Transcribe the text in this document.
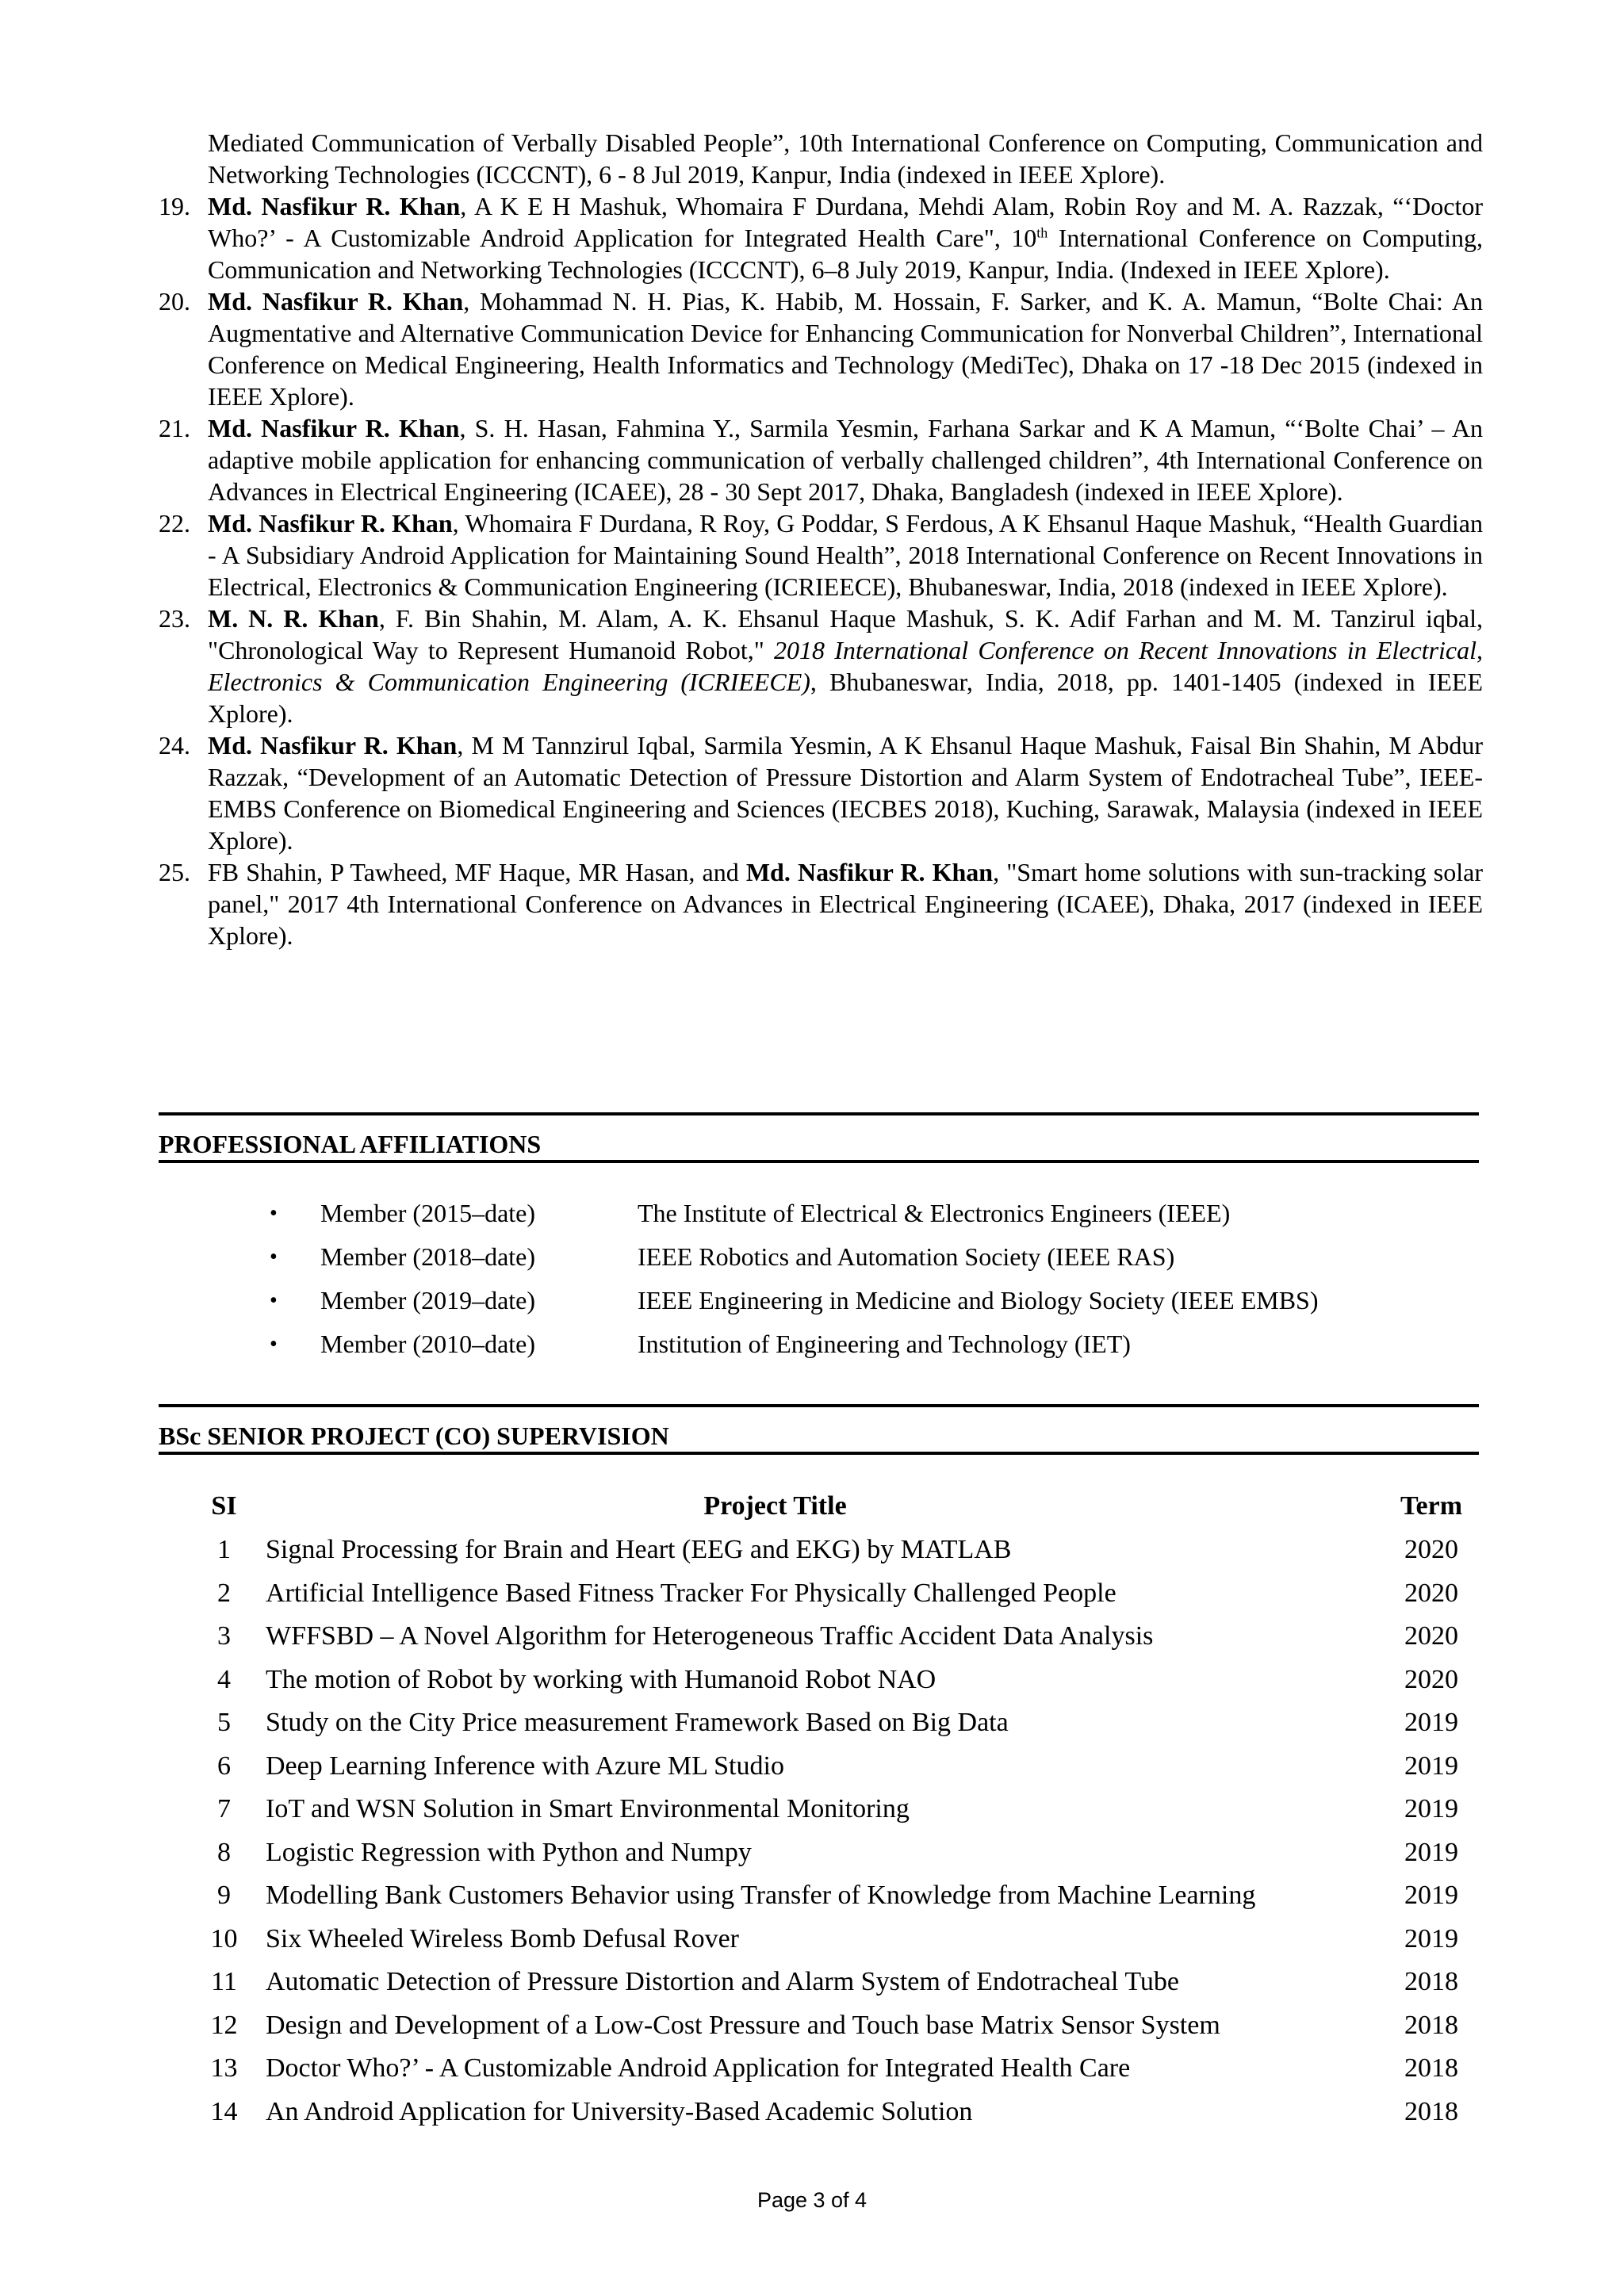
Mediated Communication of Verbally Disabled People”, 10th International Conference on Computing, Communication and Networking Technologies (ICCCNT), 6 - 8 Jul 2019, Kanpur, India (indexed in IEEE Xplore).
19. Md. Nasfikur R. Khan, A K E H Mashuk, Whomaira F Durdana, Mehdi Alam, Robin Roy and M. A. Razzak, “‘Doctor Who?’ - A Customizable Android Application for Integrated Health Care", 10th International Conference on Computing, Communication and Networking Technologies (ICCCNT), 6–8 July 2019, Kanpur, India. (Indexed in IEEE Xplore).
20. Md. Nasfikur R. Khan, Mohammad N. H. Pias, K. Habib, M. Hossain, F. Sarker, and K. A. Mamun, “Bolte Chai: An Augmentative and Alternative Communication Device for Enhancing Communication for Nonverbal Children”, International Conference on Medical Engineering, Health Informatics and Technology (MediTec), Dhaka on 17 -18 Dec 2015 (indexed in IEEE Xplore).
21. Md. Nasfikur R. Khan, S. H. Hasan, Fahmina Y., Sarmila Yesmin, Farhana Sarkar and K A Mamun, “‘Bolte Chai’ – An adaptive mobile application for enhancing communication of verbally challenged children”, 4th International Conference on Advances in Electrical Engineering (ICAEE), 28 - 30 Sept 2017, Dhaka, Bangladesh (indexed in IEEE Xplore).
22. Md. Nasfikur R. Khan, Whomaira F Durdana, R Roy, G Poddar, S Ferdous, A K Ehsanul Haque Mashuk, “Health Guardian - A Subsidiary Android Application for Maintaining Sound Health”, 2018 International Conference on Recent Innovations in Electrical, Electronics & Communication Engineering (ICRIEECE), Bhubaneswar, India, 2018 (indexed in IEEE Xplore).
23. M. N. R. Khan, F. Bin Shahin, M. Alam, A. K. Ehsanul Haque Mashuk, S. K. Adif Farhan and M. M. Tanzirul iqbal, "Chronological Way to Represent Humanoid Robot," 2018 International Conference on Recent Innovations in Electrical, Electronics & Communication Engineering (ICRIEECE), Bhubaneswar, India, 2018, pp. 1401-1405 (indexed in IEEE Xplore).
24. Md. Nasfikur R. Khan, M M Tannzirul Iqbal, Sarmila Yesmin, A K Ehsanul Haque Mashuk, Faisal Bin Shahin, M Abdur Razzak, “Development of an Automatic Detection of Pressure Distortion and Alarm System of Endotracheal Tube”, IEEE-EMBS Conference on Biomedical Engineering and Sciences (IECBES 2018), Kuching, Sarawak, Malaysia (indexed in IEEE Xplore).
25. FB Shahin, P Tawheed, MF Haque, MR Hasan, and Md. Nasfikur R. Khan, "Smart home solutions with sun-tracking solar panel," 2017 4th International Conference on Advances in Electrical Engineering (ICAEE), Dhaka, 2017 (indexed in IEEE Xplore).
PROFESSIONAL AFFILIATIONS
•	Member (2015–date)	The Institute of Electrical & Electronics Engineers (IEEE)
•	Member (2018–date)	IEEE Robotics and Automation Society (IEEE RAS)
•	Member (2019–date)	IEEE Engineering in Medicine and Biology Society (IEEE EMBS)
•	Member (2010–date)	Institution of Engineering and Technology (IET)
BSc SENIOR PROJECT (CO) SUPERVISION
SI	Project Title	Term
1	Signal Processing for Brain and Heart (EEG and EKG) by MATLAB	2020
2	Artificial Intelligence Based Fitness Tracker For Physically Challenged People	2020
3	WFFSBD – A Novel Algorithm for Heterogeneous Traffic Accident Data Analysis	2020
4	The motion of Robot by working with Humanoid Robot NAO	2020
5	Study on the City Price measurement Framework Based on Big Data	2019
6	Deep Learning Inference with Azure ML Studio	2019
7	IoT and WSN Solution in Smart Environmental Monitoring	2019
8	Logistic Regression with Python and Numpy	2019
9	Modelling Bank Customers Behavior using Transfer of Knowledge from Machine Learning	2019
10	Six Wheeled Wireless Bomb Defusal Rover	2019
11	Automatic Detection of Pressure Distortion and Alarm System of Endotracheal Tube	2018
12	Design and Development of a Low-Cost Pressure and Touch base Matrix Sensor System	2018
13	Doctor Who?’ - A Customizable Android Application for Integrated Health Care	2018
14	An Android Application for University-Based Academic Solution	2018
Page 3 of 4
